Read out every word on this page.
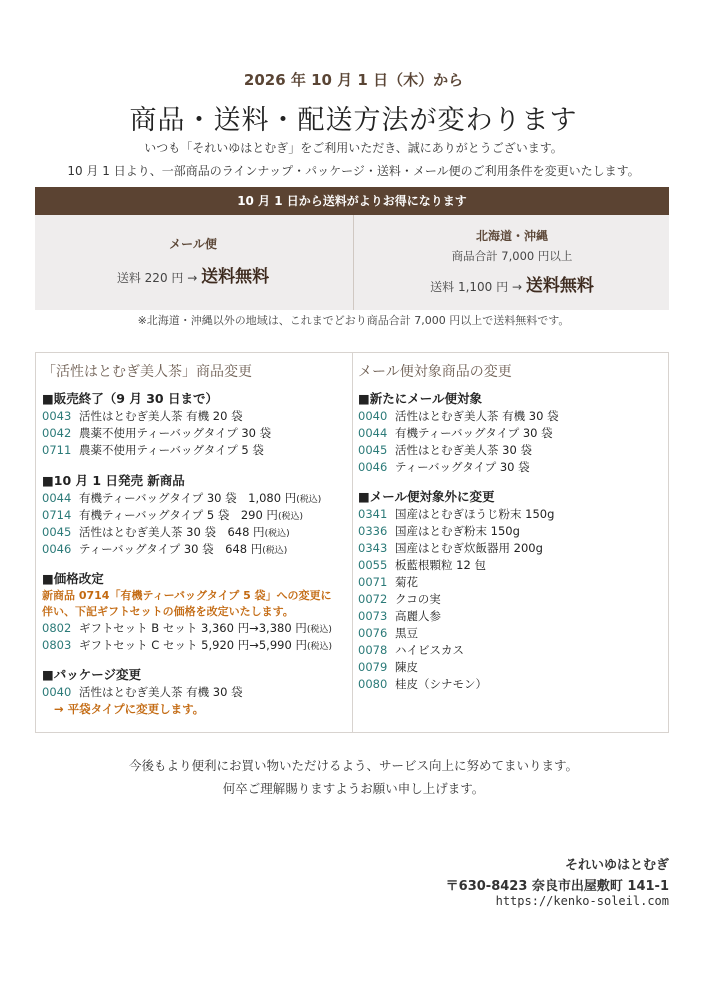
2026 年 10 月 1 日（木）から
商品・送料・配送方法が変わります
いつも「それいゆはとむぎ」をご利用いただき、誠にありがとうございます。
10 月 1 日より、一部商品のラインナップ・パッケージ・送料・メール便のご利用条件を変更いたします。
10 月 1 日から送料がよりお得になります
メール便
送料 220 円 → 送料無料
北海道・沖縄
商品合計 7,000 円以上
送料 1,100 円 → 送料無料
※北海道・沖縄以外の地域は、これまでどおり商品合計 7,000 円以上で送料無料です。
「活性はとむぎ美人茶」商品変更
■販売終了（9 月 30 日まで）
0043 活性はとむぎ美人茶 有機 20 袋
0042 農薬不使用ティーバッグタイプ 30 袋
0711 農薬不使用ティーバッグタイプ 5 袋
■10 月 1 日発売 新商品
0044 有機ティーバッグタイプ 30 袋　1,080 円(税込)
0714 有機ティーバッグタイプ 5 袋　290 円(税込)
0045 活性はとむぎ美人茶 30 袋　648 円(税込)
0046 ティーバッグタイプ 30 袋　648 円(税込)
■価格改定
新商品 0714「有機ティーバッグタイプ 5 袋」への変更に
伴い、下記ギフトセットの価格を改定いたします。
0802 ギフトセット B セット 3,360 円→3,380 円(税込)
0803 ギフトセット C セット 5,920 円→5,990 円(税込)
■パッケージ変更
0040 活性はとむぎ美人茶 有機 30 袋
→ 平袋タイプに変更します。
メール便対象商品の変更
■新たにメール便対象
0040 活性はとむぎ美人茶 有機 30 袋
0044 有機ティーバッグタイプ 30 袋
0045 活性はとむぎ美人茶 30 袋
0046 ティーバッグタイプ 30 袋
■メール便対象外に変更
0341 国産はとむぎほうじ粉末 150g
0336 国産はとむぎ粉末 150g
0343 国産はとむぎ炊飯器用 200g
0055 板藍根顆粒 12 包
0071 菊花
0072 クコの実
0073 高麗人参
0076 黒豆
0078 ハイビスカス
0079 陳皮
0080 桂皮（シナモン）
今後もより便利にお買い物いただけるよう、サービス向上に努めてまいります。
何卒ご理解賜りますようお願い申し上げます。
それいゆはとむぎ
〒630-8423 奈良市出屋敷町 141-1
https://kenko-soleil.com
